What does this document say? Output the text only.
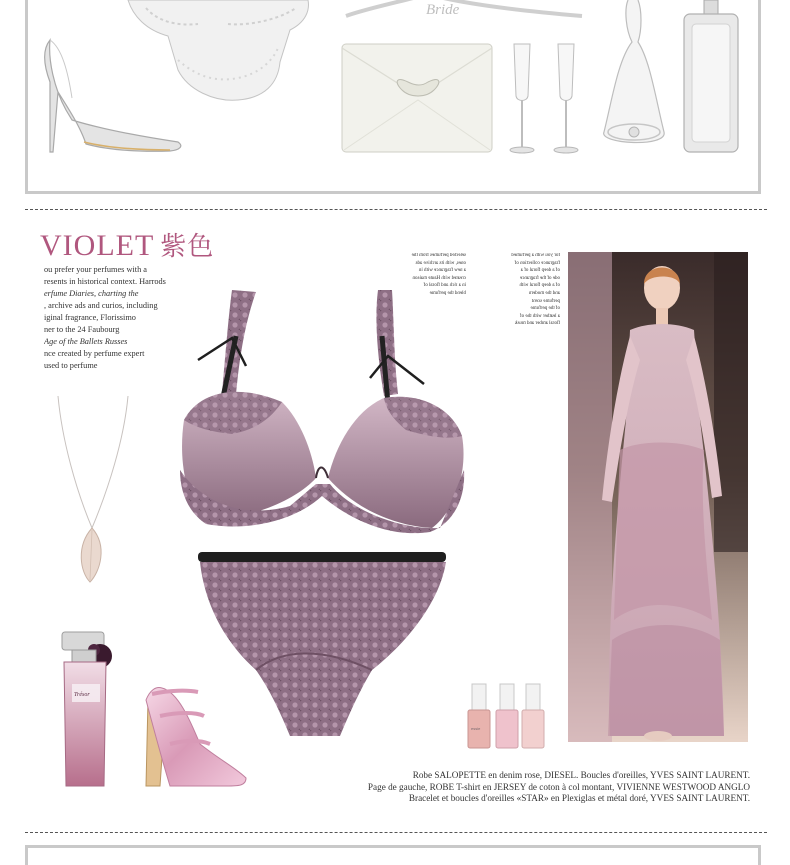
Bride
VIOLET 紫色
ou prefer your perfumes with a
resents in historical context. Harrods
erfume Diaries, charting the
, archive ads and curios, including
iginal fragrance, Florissimo
ner to the 24 Faubourg
Age of the Ballets Russes
nce created by perfume expert
used to perfume
selected perfumes from the
ones, with its archive ads
a new fragrance with in
created with Haute maison
in a rich and floral of
blend the perfume
for you with a perfumed
fragrance collection of
of a deep floral of a
ode of the fragrance
of a deep floral with
and the modern
perfume scent
of the perfume
a leather with the of
floral amber and musk
Trésor
essie
Robe SALOPETTE en denim rose, DIESEL. Boucles d'oreilles, YVES SAINT LAURENT.
Page de gauche, ROBE T-shirt en JERSEY de coton à col montant, VIVIENNE WESTWOOD ANGLO
Bracelet et boucles d'oreilles «STAR» en Plexiglas et métal doré, YVES SAINT LAURENT.
